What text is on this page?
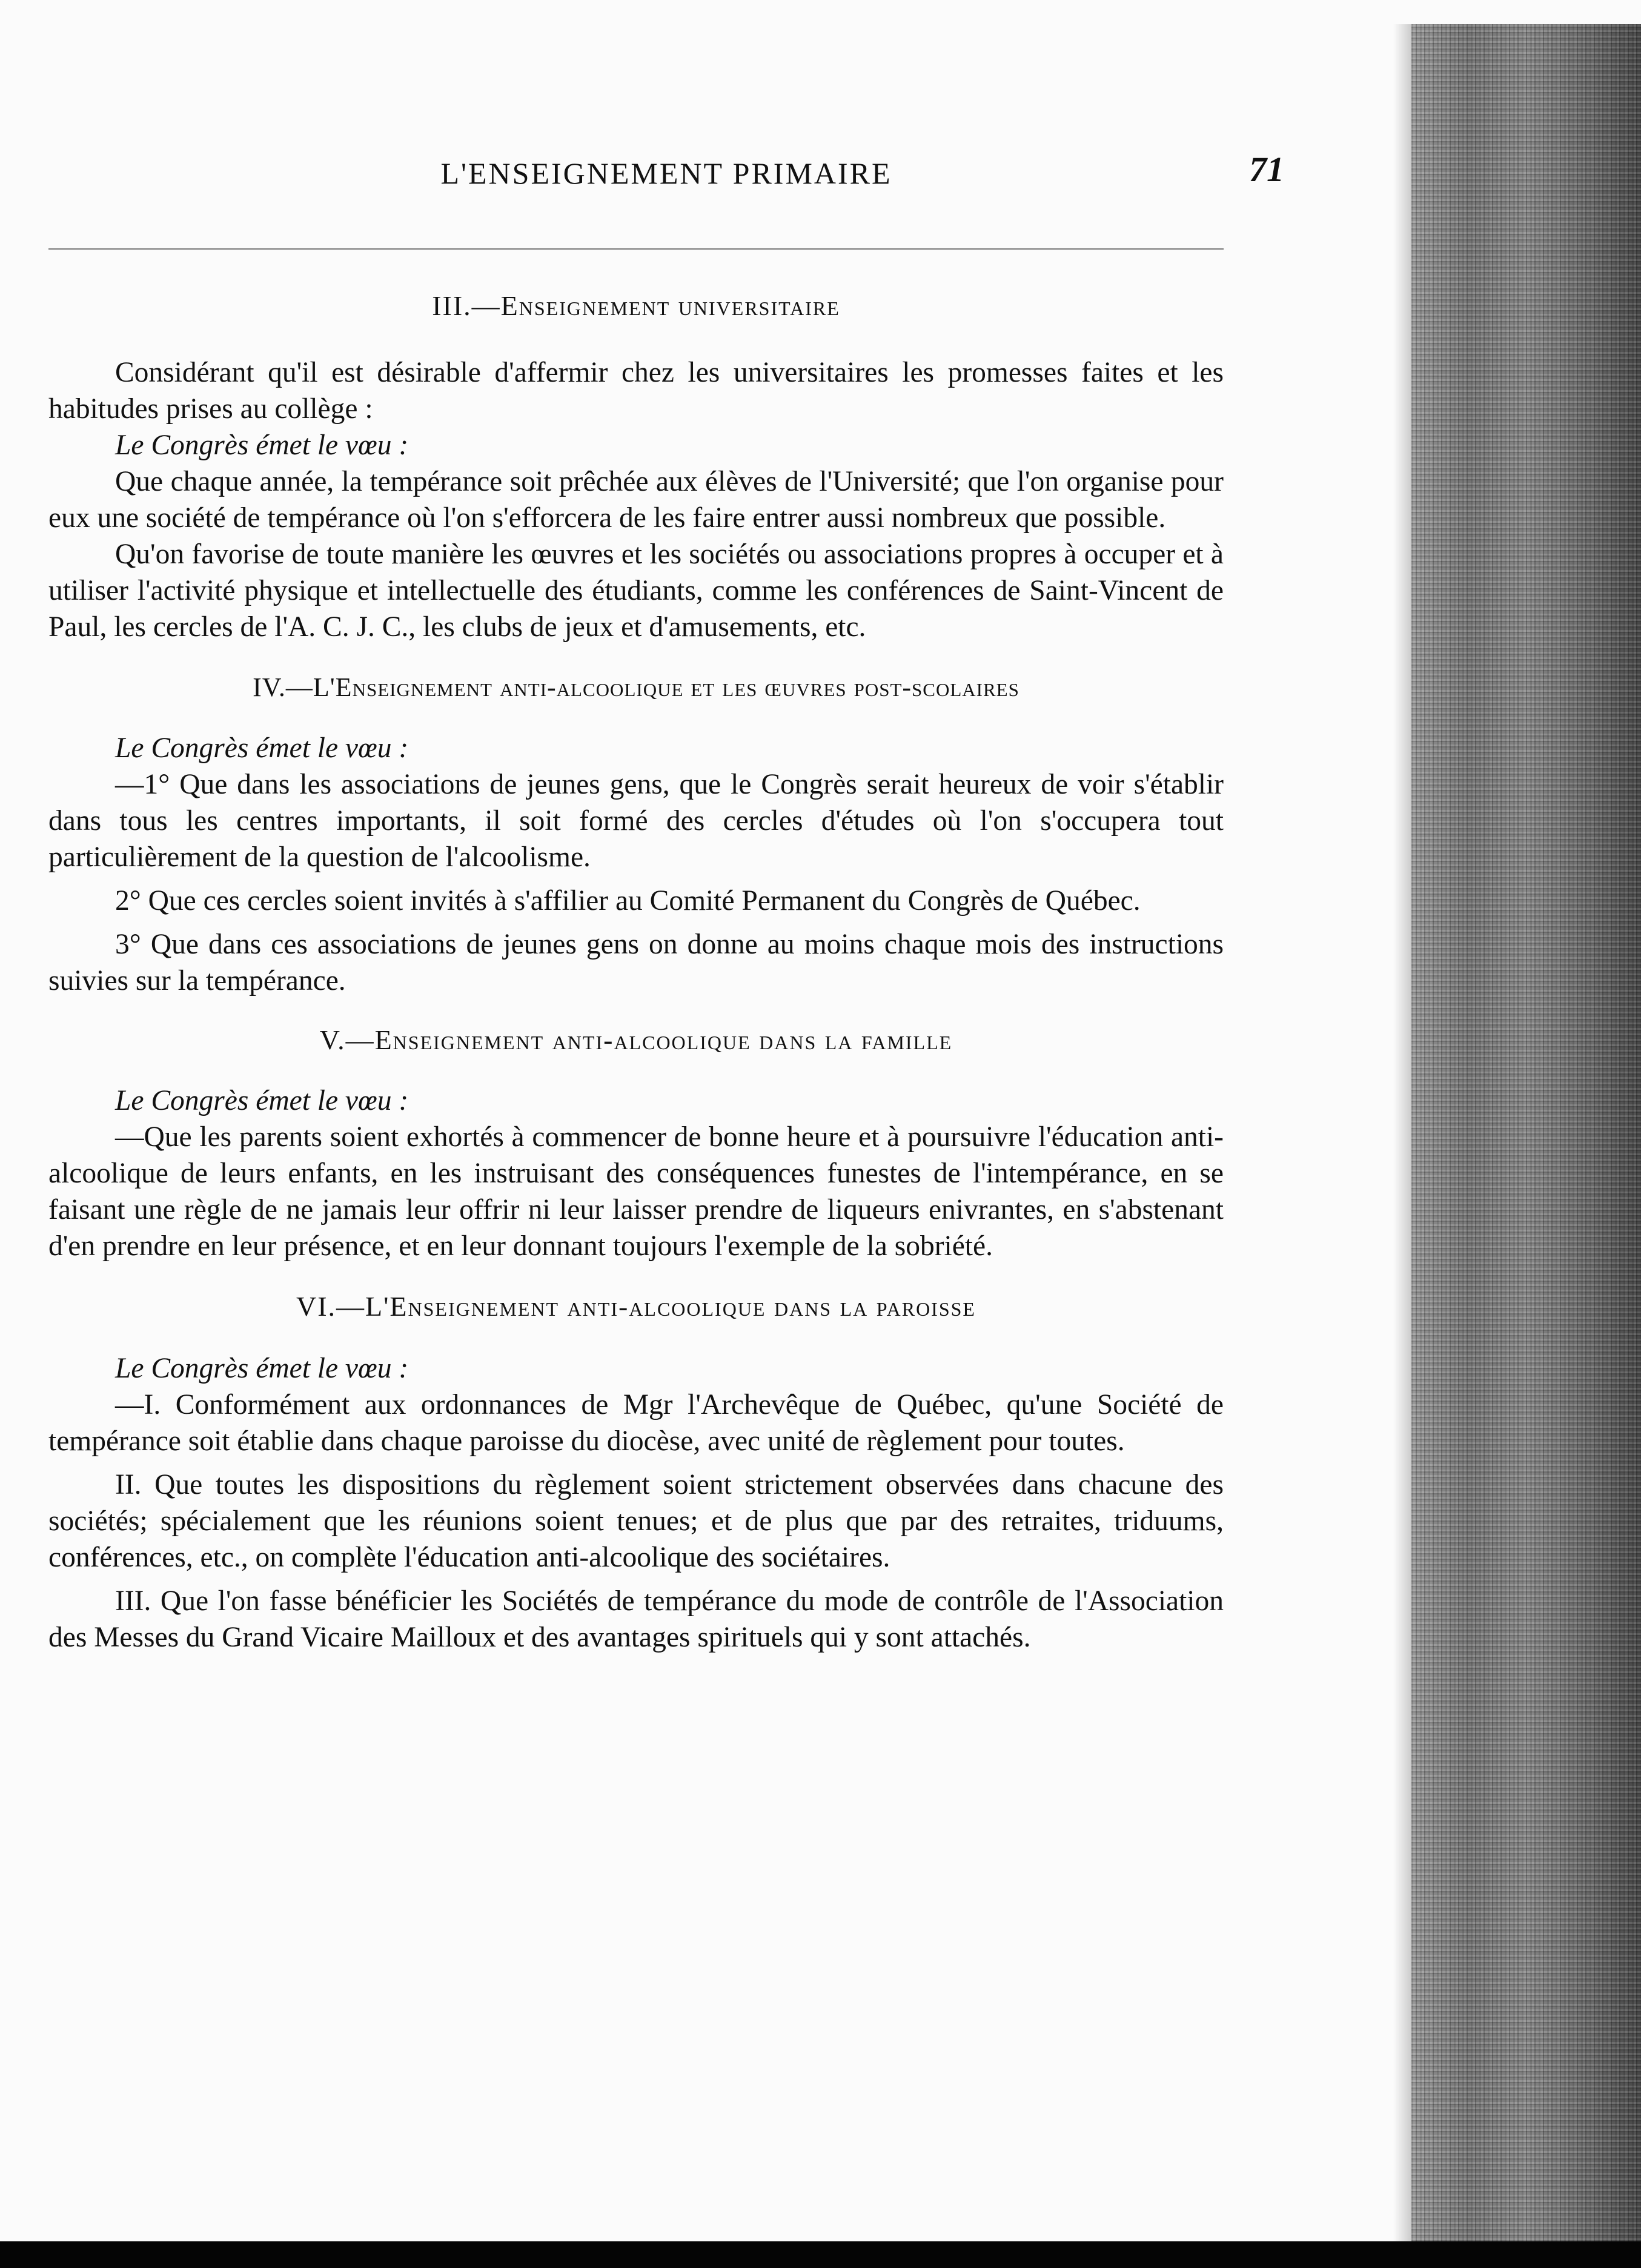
L'ENSEIGNEMENT PRIMAIRE	71

III.—Enseignement universitaire

Considérant qu'il est désirable d'affermir chez les universitaires les promesses faites et les habitudes prises au collège :

Le Congrès émet le vœu :

Que chaque année, la tempérance soit prêchée aux élèves de l'Université; que l'on organise pour eux une société de tempérance où l'on s'efforcera de les faire entrer aussi nombreux que possible.

Qu'on favorise de toute manière les œuvres et les sociétés ou associations propres à occuper et à utiliser l'activité physique et intellectuelle des étudiants, comme les conférences de Saint-Vincent de Paul, les cercles de l'A. C. J. C., les clubs de jeux et d'amusements, etc.

IV.—L'Enseignement anti-alcoolique et les œuvres post-scolaires

Le Congrès émet le vœu :

—1° Que dans les associations de jeunes gens, que le Congrès serait heureux de voir s'établir dans tous les centres importants, il soit formé des cercles d'études où l'on s'occupera tout particulièrement de la question de l'alcoolisme.

2° Que ces cercles soient invités à s'affilier au Comité Permanent du Congrès de Québec.

3° Que dans ces associations de jeunes gens on donne au moins chaque mois des instructions suivies sur la tempérance.

V.—Enseignement anti-alcoolique dans la famille

Le Congrès émet le vœu :

—Que les parents soient exhortés à commencer de bonne heure et à poursuivre l'éducation anti-alcoolique de leurs enfants, en les instruisant des conséquences funestes de l'intempérance, en se faisant une règle de ne jamais leur offrir ni leur laisser prendre de liqueurs enivrantes, en s'abstenant d'en prendre en leur présence, et en leur donnant toujours l'exemple de la sobriété.

VI.—L'Enseignement anti-alcoolique dans la paroisse

Le Congrès émet le vœu :

—I. Conformément aux ordonnances de Mgr l'Archevêque de Québec, qu'une Société de tempérance soit établie dans chaque paroisse du diocèse, avec unité de règlement pour toutes.

II. Que toutes les dispositions du règlement soient strictement observées dans chacune des sociétés; spécialement que les réunions soient tenues; et de plus que par des retraites, triduums, conférences, etc., on complète l'éducation anti-alcoolique des sociétaires.

III. Que l'on fasse bénéficier les Sociétés de tempérance du mode de contrôle de l'Association des Messes du Grand Vicaire Mailloux et des avantages spirituels qui y sont attachés.
